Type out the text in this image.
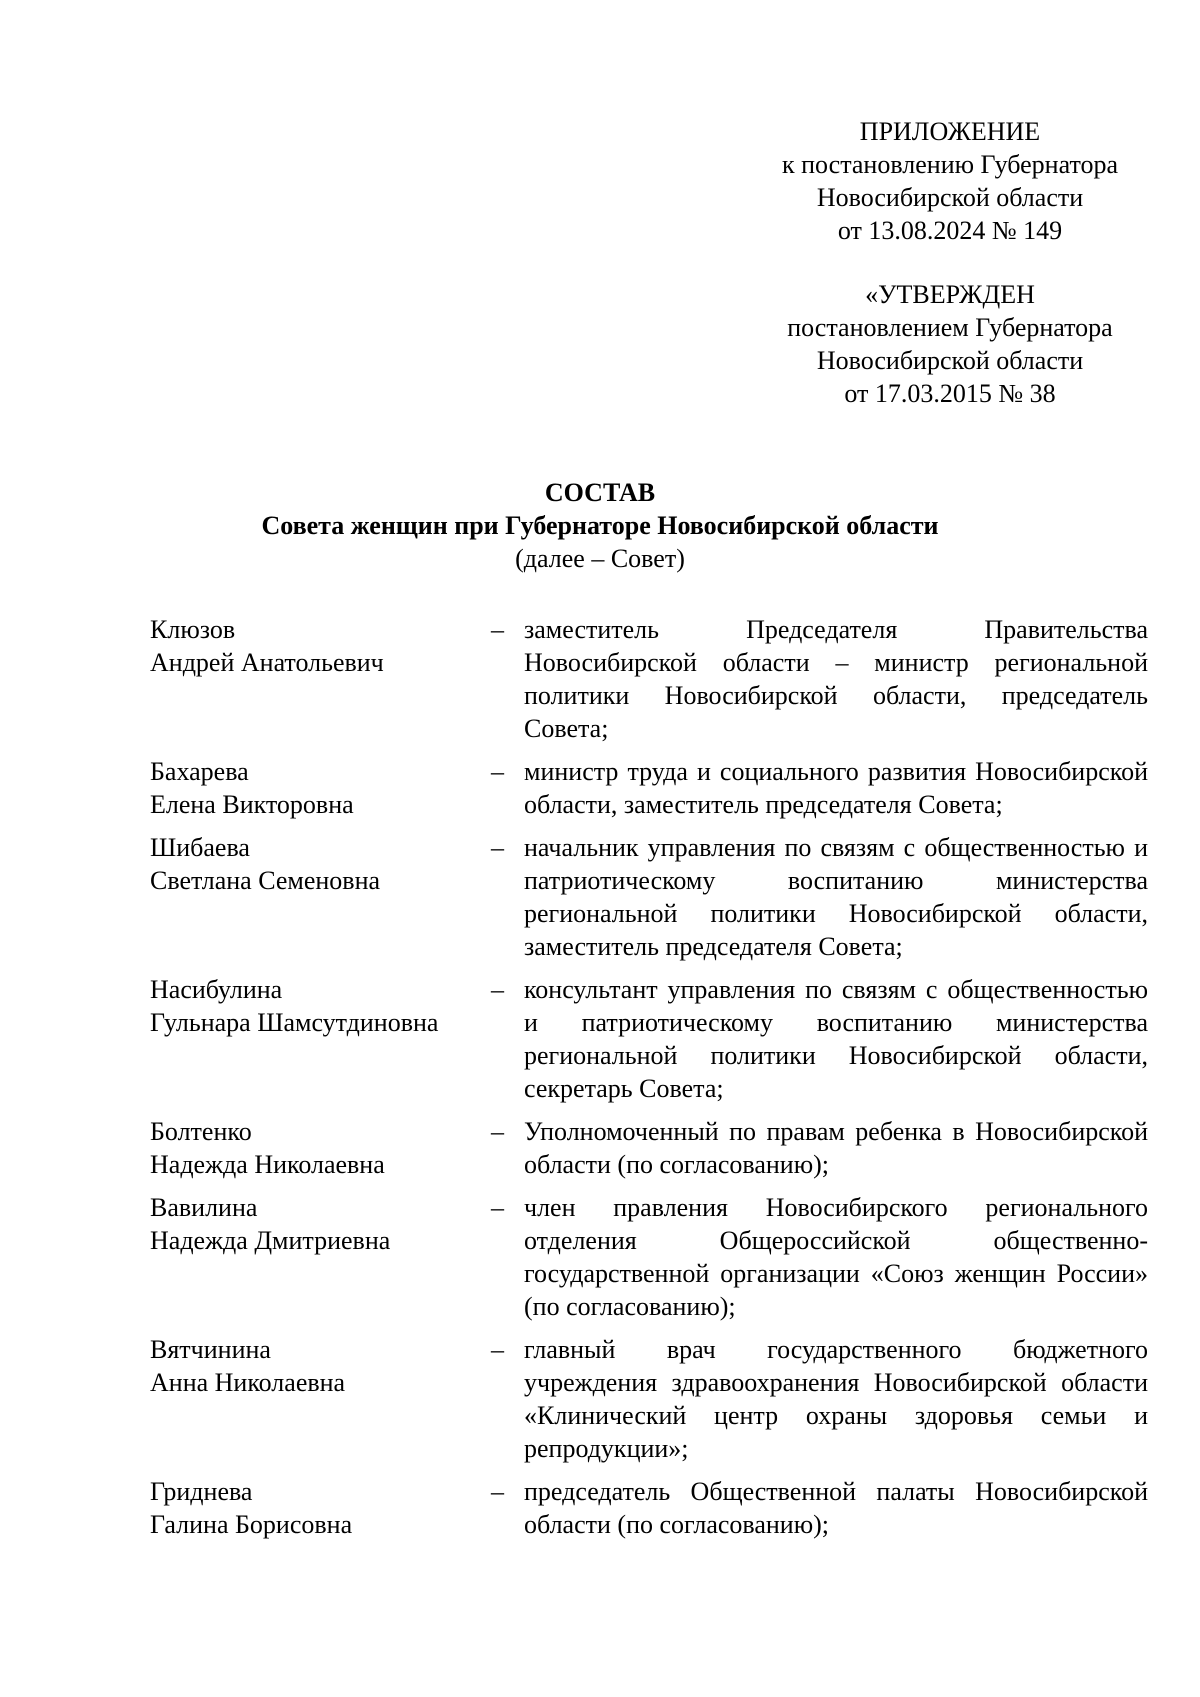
ПРИЛОЖЕНИЕ
к постановлению Губернатора
Новосибирской области
от 13.08.2024 № 149
«УТВЕРЖДЕН
постановлением Губернатора
Новосибирской области
от 17.03.2015 № 38
СОСТАВ
Совета женщин при Губернаторе Новосибирской области
(далее – Совет)
Клюзов
Андрей Анатольевич
– заместитель Председателя Правительства Новосибирской области – министр региональной политики Новосибирской области, председатель Совета;
Бахарева
Елена Викторовна
– министр труда и социального развития Новосибирской области, заместитель председателя Совета;
Шибаева
Светлана Семеновна
– начальник управления по связям с общественностью и патриотическому воспитанию министерства региональной политики Новосибирской области, заместитель председателя Совета;
Насибулина
Гульнара Шамсутдиновна
– консультант управления по связям с общественностью и патриотическому воспитанию министерства региональной политики Новосибирской области, секретарь Совета;
Болтенко
Надежда Николаевна
– Уполномоченный по правам ребенка в Новосибирской области (по согласованию);
Вавилина
Надежда Дмитриевна
– член правления Новосибирского регионального отделения Общероссийской общественно-государственной организации «Союз женщин России» (по согласованию);
Вятчинина
Анна Николаевна
– главный врач государственного бюджетного учреждения здравоохранения Новосибирской области «Клинический центр охраны здоровья семьи и репродукции»;
Гриднева
Галина Борисовна
– председатель Общественной палаты Новосибирской области (по согласованию);
